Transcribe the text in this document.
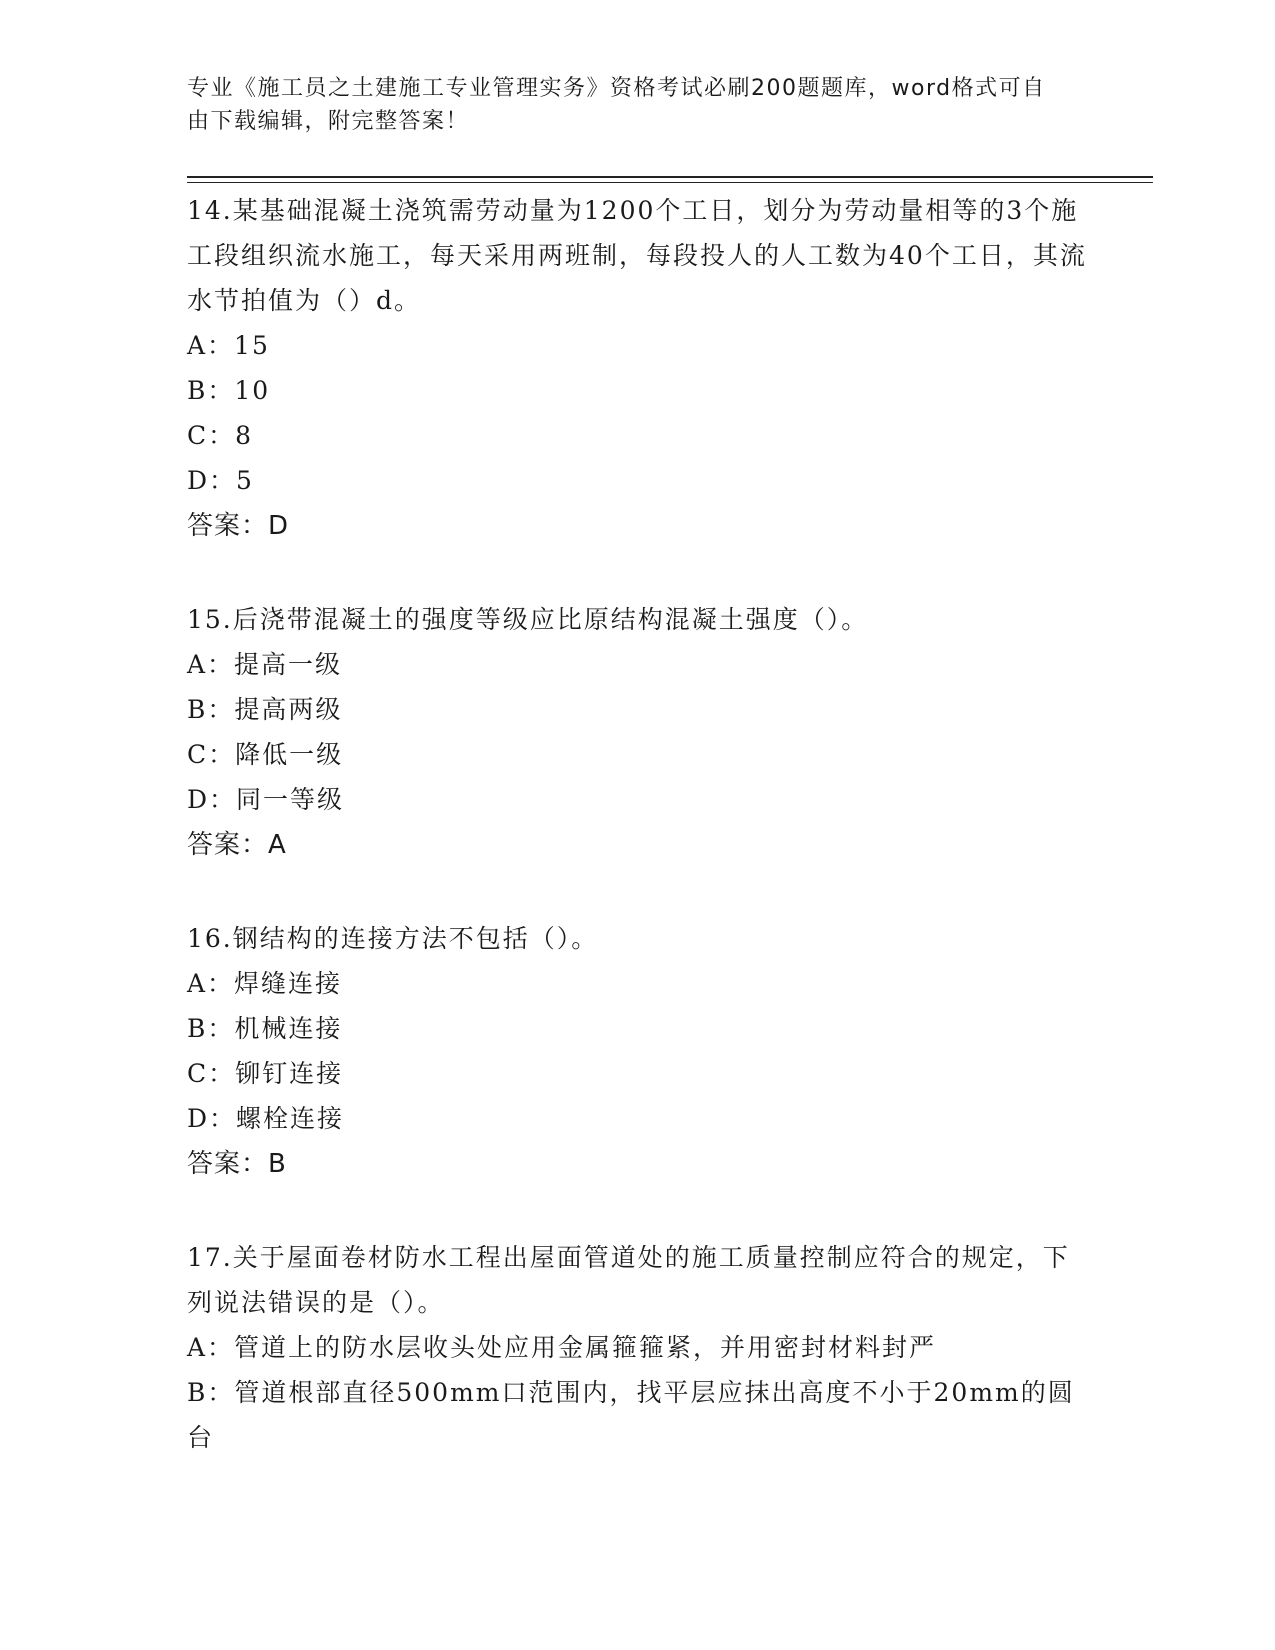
专业《施工员之土建施工专业管理实务》资格考试必刷200题题库，word格式可自由下载编辑，附完整答案！
14.某基础混凝土浇筑需劳动量为1200个工日，划分为劳动量相等的3个施工段组织流水施工，每天采用两班制，每段投人的人工数为40个工日，其流水节拍值为（）d。
A：15
B：10
C：8
D：5
答案：D
15.后浇带混凝土的强度等级应比原结构混凝土强度（）。
A：提高一级
B：提高两级
C：降低一级
D：同一等级
答案：A
16.钢结构的连接方法不包括（）。
A：焊缝连接
B：机械连接
C：铆钉连接
D：螺栓连接
答案：B
17.关于屋面卷材防水工程出屋面管道处的施工质量控制应符合的规定，下列说法错误的是（）。
A：管道上的防水层收头处应用金属箍箍紧，并用密封材料封严
B：管道根部直径500mm口范围内，找平层应抹出高度不小于20mm的圆台
